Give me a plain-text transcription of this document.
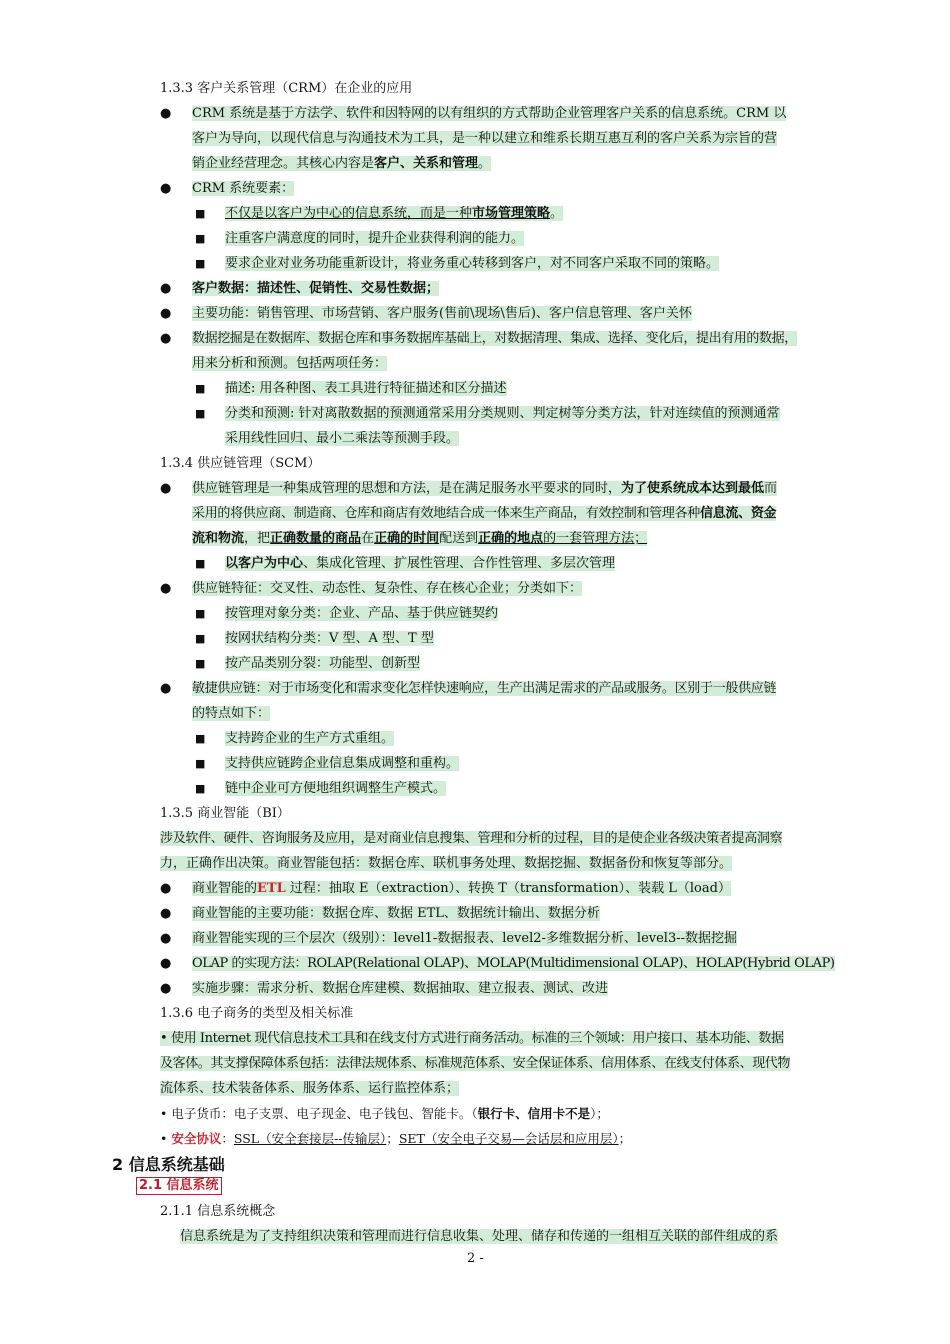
1.3.3 客户关系管理（CRM）在企业的应用
● CRM 系统是基于方法学、软件和因特网的以有组织的方式帮助企业管理客户关系的信息系统。CRM 以
客户为导向，以现代信息与沟通技术为工具，是一种以建立和维系长期互惠互利的客户关系为宗旨的营
销企业经营理念。其核心内容是客户、关系和管理。
● CRM 系统要素：
■ 不仅是以客户为中心的信息系统，而是一种市场管理策略。
■ 注重客户满意度的同时，提升企业获得利润的能力。
■ 要求企业对业务功能重新设计，将业务重心转移到客户，对不同客户采取不同的策略。
● 客户数据：描述性、促销性、交易性数据；
● 主要功能：销售管理、市场营销、客户服务(售前\现场\售后)、客户信息管理、客户关怀
● 数据挖掘是在数据库、数据仓库和事务数据库基础上，对数据清理、集成、选择、变化后，提出有用的数据，
用来分析和预测。包括两项任务：
■ 描述: 用各种图、表工具进行特征描述和区分描述
■ 分类和预测: 针对离散数据的预测通常采用分类规则、判定树等分类方法，针对连续值的预测通常
采用线性回归、最小二乘法等预测手段。
1.3.4 供应链管理（SCM）
● 供应链管理是一种集成管理的思想和方法，是在满足服务水平要求的同时，为了使系统成本达到最低而
采用的将供应商、制造商、仓库和商店有效地结合成一体来生产商品，有效控制和管理各种信息流、资金
流和物流，把正确数量的商品在正确的时间配送到正确的地点的一套管理方法；
■ 以客户为中心、集成化管理、扩展性管理、合作性管理、多层次管理
● 供应链特征：交叉性、动态性、复杂性、存在核心企业；分类如下：
■ 按管理对象分类：企业、产品、基于供应链契约
■ 按网状结构分类：V 型、A 型、T 型
■ 按产品类别分裂：功能型、创新型
● 敏捷供应链：对于市场变化和需求变化怎样快速响应，生产出满足需求的产品或服务。区别于一般供应链
的特点如下：
■ 支持跨企业的生产方式重组。
■ 支持供应链跨企业信息集成调整和重构。
■ 链中企业可方便地组织调整生产模式。
1.3.5 商业智能（BI）
涉及软件、硬件、咨询服务及应用，是对商业信息搜集、管理和分析的过程，目的是使企业各级决策者提高洞察
力，正确作出决策。商业智能包括：数据仓库、联机事务处理、数据挖掘、数据备份和恢复等部分。
● 商业智能的ETL 过程：抽取 E（extraction）、转换 T（transformation）、装载 L（load）
● 商业智能的主要功能：数据仓库、数据 ETL、数据统计输出、数据分析
● 商业智能实现的三个层次（级别）：level1-数据报表、level2-多维数据分析、level3--数据挖掘
● OLAP 的实现方法：ROLAP(Relational OLAP)、MOLAP(Multidimensional OLAP)、HOLAP(Hybrid OLAP)
● 实施步骤：需求分析、数据仓库建模、数据抽取、建立报表、测试、改进
1.3.6 电子商务的类型及相关标准
• 使用 Internet 现代信息技术工具和在线支付方式进行商务活动。标准的三个领域：用户接口、基本功能、数据
及客体。其支撑保障体系包括：法律法规体系、标准规范体系、安全保证体系、信用体系、在线支付体系、现代物
流体系、技术装备体系、服务体系、运行监控体系；
• 电子货币：电子支票、电子现金、电子钱包、智能卡。（银行卡、信用卡不是）；
• 安全协议：SSL（安全套接层--传输层）；SET（安全电子交易—会话层和应用层）；
2 信息系统基础
2.1 信息系统
2.1.1 信息系统概念
信息系统是为了支持组织决策和管理而进行信息收集、处理、储存和传递的一组相互关联的部件组成的系
2 -
